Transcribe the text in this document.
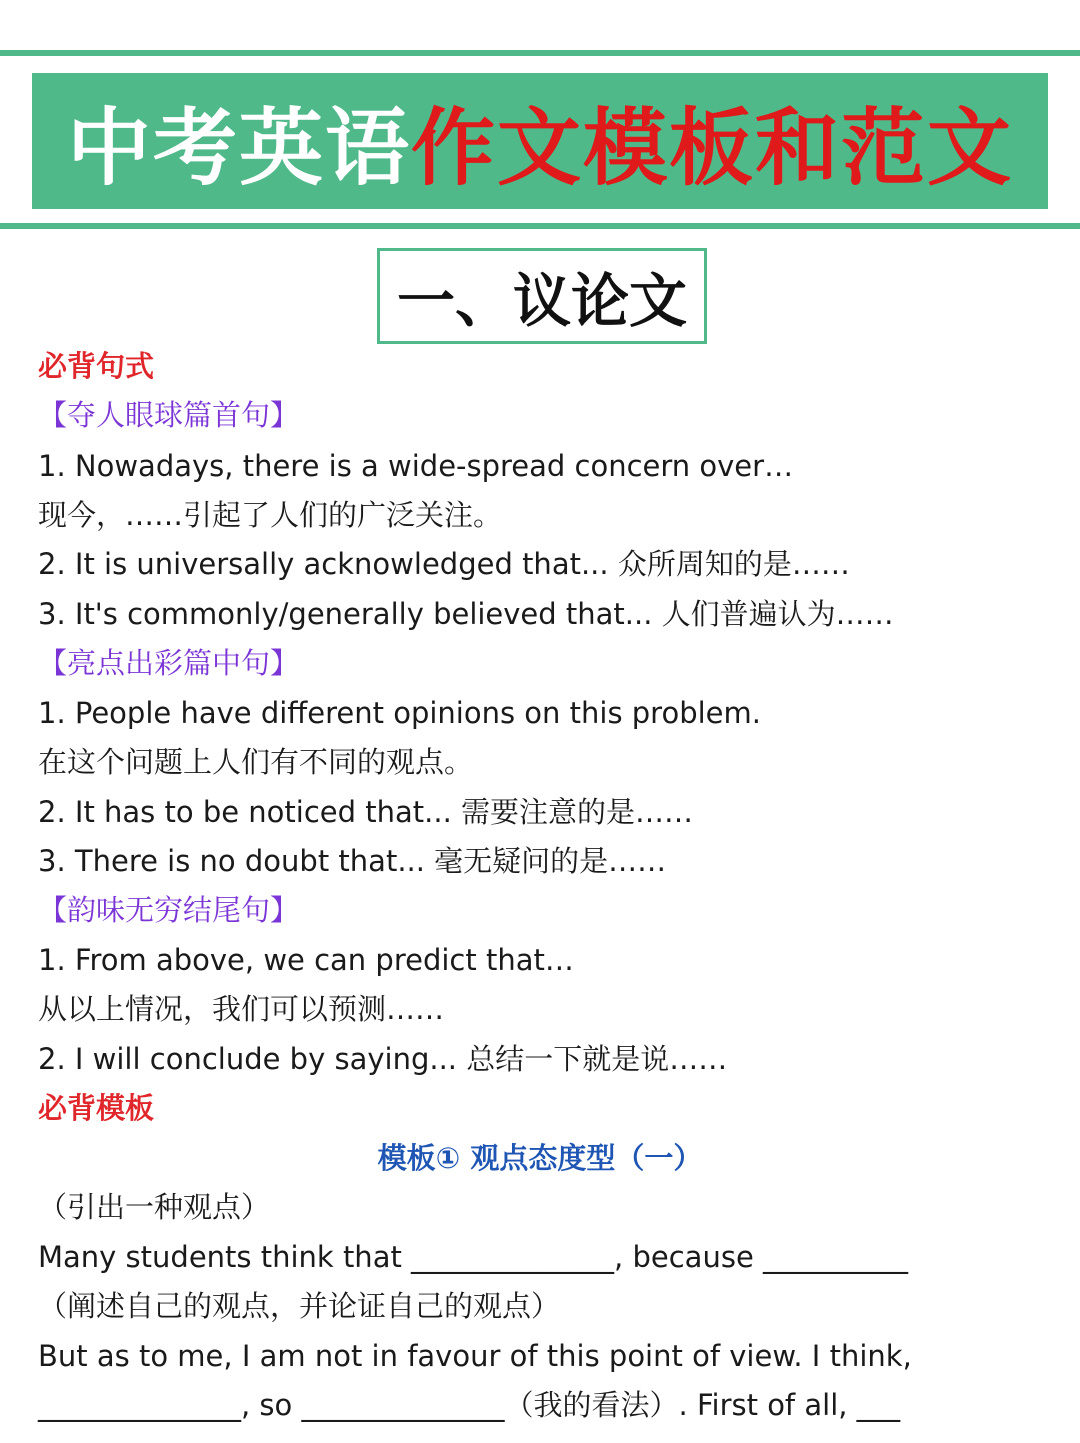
中考英语 作文模板和范文
一、议论文
必背句式
【夺人眼球篇首句】
1. Nowadays, there is a wide-spread concern over…
现今，……引起了人们的广泛关注。
2. It is universally acknowledged that... 众所周知的是……
3. It's commonly/generally believed that... 人们普遍认为……
【亮点出彩篇中句】
1. People have different opinions on this problem.
在这个问题上人们有不同的观点。
2. It has to be noticed that... 需要注意的是……
3. There is no doubt that... 毫无疑问的是……
【韵味无穷结尾句】
1. From above, we can predict that…
从以上情况，我们可以预测……
2. I will conclude by saying... 总结一下就是说……
必背模板
模板① 观点态度型（一）
（引出一种观点）
Many students think that ______________, because __________
（阐述自己的观点，并论证自己的观点）
But as to me, I am not in favour of this point of view. I think,
______________, so ______________（我的看法）. First of all, ___
